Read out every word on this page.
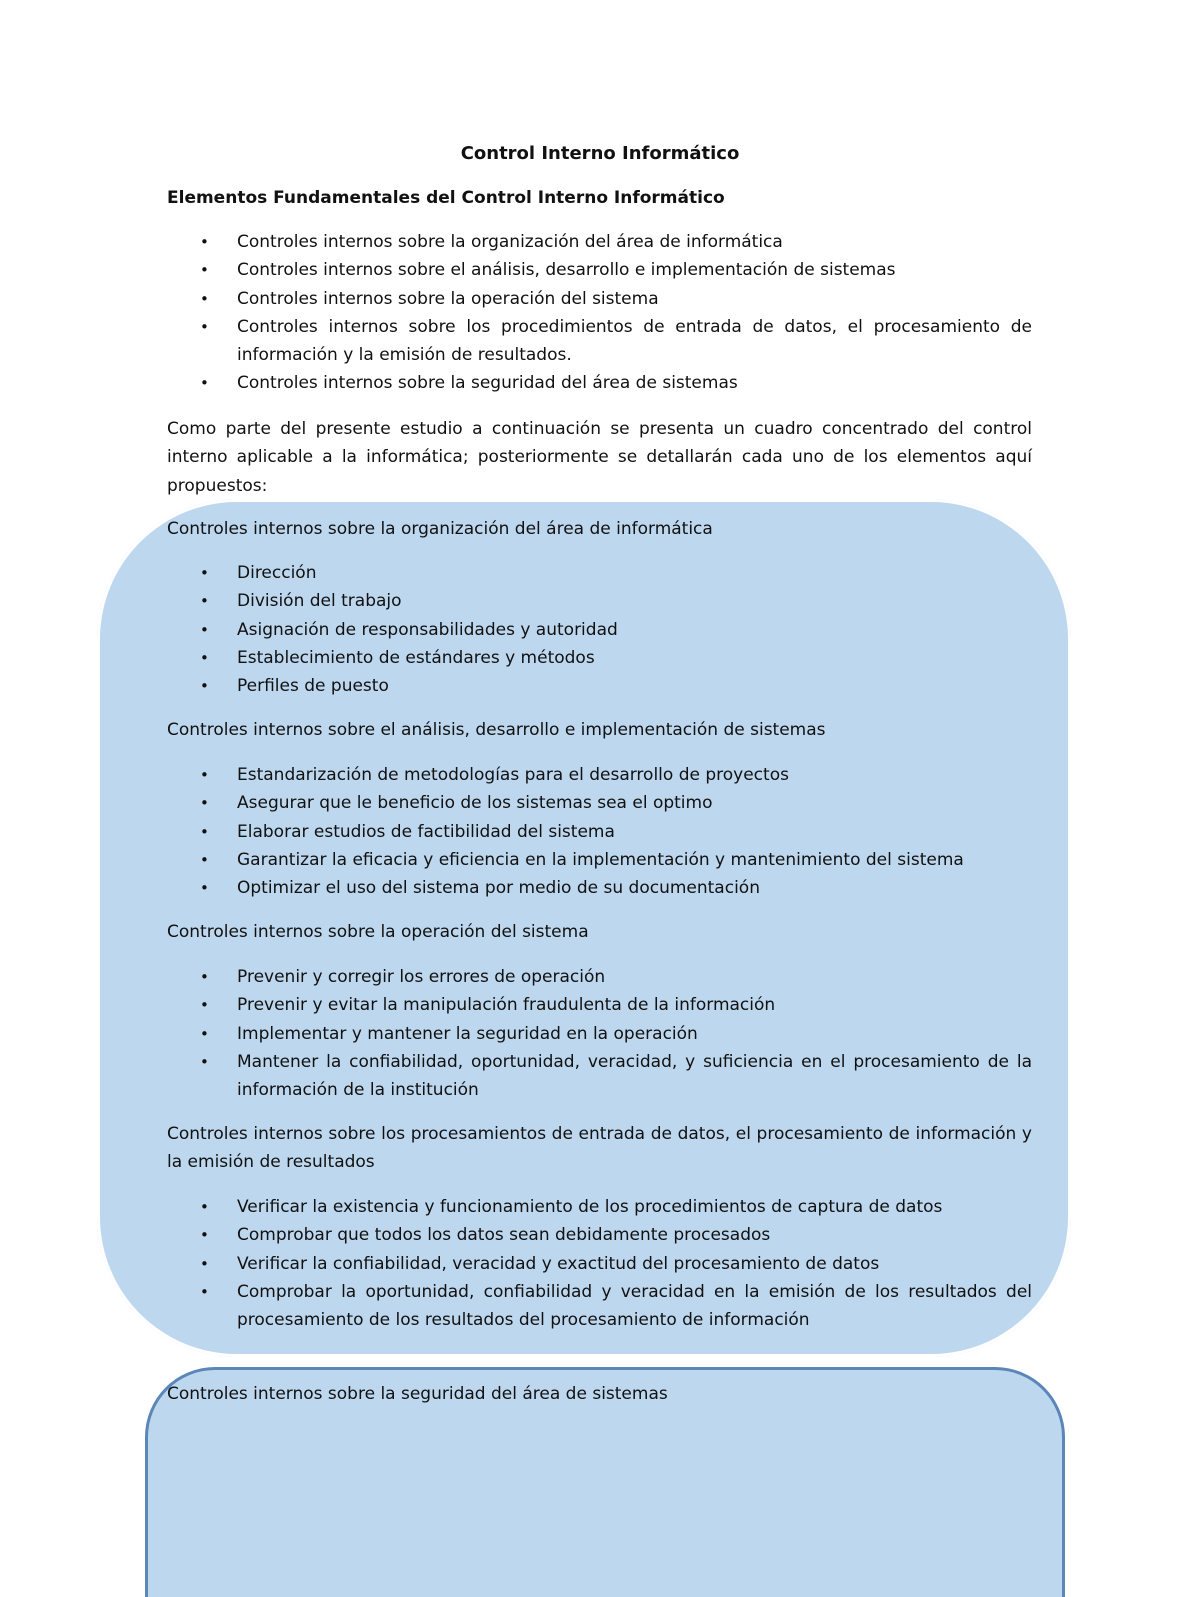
Control Interno Informático

Elementos Fundamentales del Control Interno Informático

• Controles internos sobre la organización del área de informática
• Controles internos sobre el análisis, desarrollo e implementación de sistemas
• Controles internos sobre la operación del sistema
• Controles internos sobre los procedimientos de entrada de datos, el procesamiento de información y la emisión de resultados.
• Controles internos sobre la seguridad del área de sistemas

Como parte del presente estudio a continuación se presenta un cuadro concentrado del control interno aplicable a la informática; posteriormente se detallarán cada uno de los elementos aquí propuestos:

Controles internos sobre la organización del área de informática

• Dirección
• División del trabajo
• Asignación de responsabilidades y autoridad
• Establecimiento de estándares y métodos
• Perfiles de puesto

Controles internos sobre el análisis, desarrollo e implementación de sistemas

• Estandarización de metodologías para el desarrollo de proyectos
• Asegurar que le beneficio de los sistemas sea el optimo
• Elaborar estudios de factibilidad del sistema
• Garantizar la eficacia y eficiencia en la implementación y mantenimiento del sistema
• Optimizar el uso del sistema por medio de su documentación

Controles internos sobre la operación del sistema

• Prevenir y corregir los errores de operación
• Prevenir y evitar la manipulación fraudulenta de la información
• Implementar y mantener la seguridad en la operación
• Mantener la confiabilidad, oportunidad, veracidad, y suficiencia en el procesamiento de la información de la institución

Controles internos sobre los procesamientos de entrada de datos, el procesamiento de información y la emisión de resultados

• Verificar la existencia y funcionamiento de los procedimientos de captura de datos
• Comprobar que todos los datos sean debidamente procesados
• Verificar la confiabilidad, veracidad y exactitud del procesamiento de datos
• Comprobar la oportunidad, confiabilidad y veracidad en la emisión de los resultados del procesamiento de los resultados del procesamiento de información

Controles internos sobre la seguridad del área de sistemas
